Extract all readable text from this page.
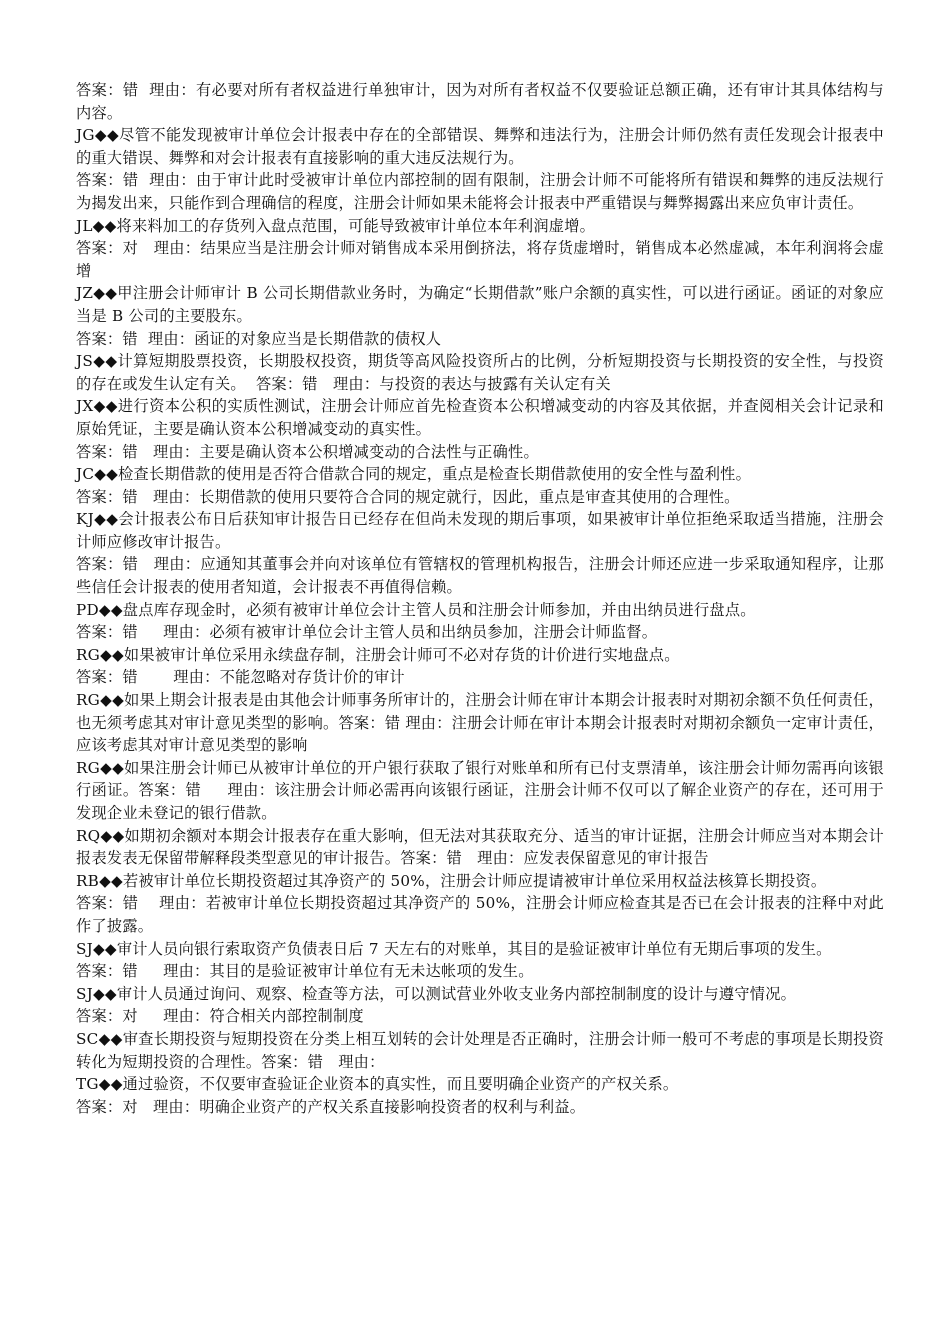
答案：错  理由：有必要对所有者权益进行单独审计，因为对所有者权益不仅要验证总额正确，还有审计其具体结构与内容。

JG◆◆尽管不能发现被审计单位会计报表中存在的全部错误、舞弊和违法行为，注册会计师仍然有责任发现会计报表中的重大错误、舞弊和对会计报表有直接影响的重大违反法规行为。

答案：错  理由：由于审计此时受被审计单位内部控制的固有限制，注册会计师不可能将所有错误和舞弊的违反法规行为揭发出来，只能作到合理确信的程度，注册会计师如果未能将会计报表中严重错误与舞弊揭露出来应负审计责任。

JL◆◆将来料加工的存货列入盘点范围，可能导致被审计单位本年利润虚增。

答案：对   理由：结果应当是注册会计师对销售成本采用倒挤法，将存货虚增时，销售成本必然虚减，本年利润将会虚增

JZ◆◆甲注册会计师审计 B 公司长期借款业务时，为确定“长期借款”账户余额的真实性，可以进行函证。函证的对象应当是 B 公司的主要股东。

答案：错  理由：函证的对象应当是长期借款的债权人

JS◆◆计算短期股票投资，长期股权投资，期货等高风险投资所占的比例，分析短期投资与长期投资的安全性，与投资的存在或发生认定有关。  答案：错   理由：与投资的表达与披露有关认定有关

JX◆◆进行资本公积的实质性测试，注册会计师应首先检查资本公积增减变动的内容及其依据，并查阅相关会计记录和原始凭证，主要是确认资本公积增减变动的真实性。

答案：错   理由：主要是确认资本公积增减变动的合法性与正确性。

JC◆◆检查长期借款的使用是否符合借款合同的规定，重点是检查长期借款使用的安全性与盈利性。

答案：错   理由：长期借款的使用只要符合合同的规定就行，因此，重点是审查其使用的合理性。

KJ◆◆会计报表公布日后获知审计报告日已经存在但尚未发现的期后事项，如果被审计单位拒绝采取适当措施，注册会计师应修改审计报告。

答案：错   理由：应通知其董事会并向对该单位有管辖权的管理机构报告，注册会计师还应进一步采取通知程序，让那些信任会计报表的使用者知道，会计报表不再值得信赖。

PD◆◆盘点库存现金时，必须有被审计单位会计主管人员和注册会计师参加，并由出纳员进行盘点。

答案：错     理由：必须有被审计单位会计主管人员和出纳员参加，注册会计师监督。

RG◆◆如果被审计单位采用永续盘存制，注册会计师可不必对存货的计价进行实地盘点。

答案：错       理由：不能忽略对存货计价的审计

RG◆◆如果上期会计报表是由其他会计师事务所审计的，注册会计师在审计本期会计报表时对期初余额不负任何责任，也无须考虑其对审计意见类型的影响。答案：错 理由：注册会计师在审计本期会计报表时对期初余额负一定审计责任，应该考虑其对审计意见类型的影响

RG◆◆如果注册会计师已从被审计单位的开户银行获取了银行对账单和所有已付支票清单，该注册会计师勿需再向该银行函证。答案：错     理由：该注册会计师必需再向该银行函证，注册会计师不仅可以了解企业资产的存在，还可用于发现企业未登记的银行借款。

RQ◆◆如期初余额对本期会计报表存在重大影响，但无法对其获取充分、适当的审计证据，注册会计师应当对本期会计报表发表无保留带解释段类型意见的审计报告。答案：错   理由：应发表保留意见的审计报告

RB◆◆若被审计单位长期投资超过其净资产的 50%，注册会计师应提请被审计单位采用权益法核算长期投资。

答案：错    理由：若被审计单位长期投资超过其净资产的 50%，注册会计师应检查其是否已在会计报表的注释中对此作了披露。

SJ◆◆审计人员向银行索取资产负债表日后 7 天左右的对账单，其目的是验证被审计单位有无期后事项的发生。

答案：错     理由：其目的是验证被审计单位有无未达帐项的发生。

SJ◆◆审计人员通过询问、观察、检查等方法，可以测试营业外收支业务内部控制制度的设计与遵守情况。

答案：对     理由：符合相关内部控制制度

SC◆◆审查长期投资与短期投资在分类上相互划转的会计处理是否正确时，注册会计师一般可不考虑的事项是长期投资转化为短期投资的合理性。答案：错   理由：

TG◆◆通过验资，不仅要审查验证企业资本的真实性，而且要明确企业资产的产权关系。

答案：对   理由：明确企业资产的产权关系直接影响投资者的权利与利益。
